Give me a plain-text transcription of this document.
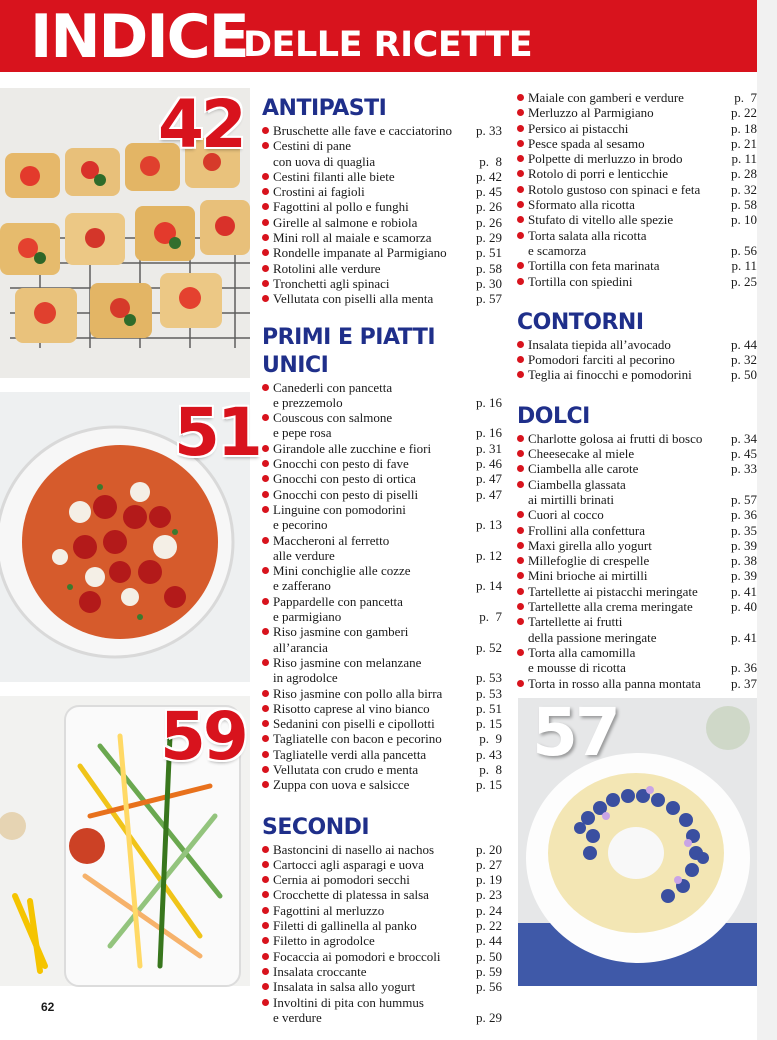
INDICE
DELLE RICETTE
42
51
59	57
ANTIPASTI
Bruschette alle fave e cacciatorino p. 33
Cestini di pane
con uova di quaglia	p.  8
Cestini filanti alle biete	p. 42
Crostini ai fagioli	p. 45
Fagottini al pollo e funghi	p. 26
Girelle al salmone e robiola	p. 26
Mini roll al maiale e scamorza	p. 29
Rondelle impanate al Parmigiano p. 51
Rotolini alle verdure	p. 58
Tronchetti agli spinaci	p. 30
Vellutata con piselli alla menta	p. 57
PRIMI E PIATTI UNICI
Canederli con pancetta
e prezzemolo	p. 16
Couscous con salmone
e pepe rosa	p. 16
Girandole alle zucchine e fiori	p. 31
Gnocchi con pesto di fave	p. 46
Gnocchi con pesto di ortica	p. 47
Gnocchi con pesto di piselli	p. 47
Linguine con pomodorini
e pecorino	p. 13
Maccheroni al ferretto
alle verdure	p. 12
Mini conchiglie alle cozze
e zafferano	p. 14
Pappardelle con pancetta
e parmigiano	p.  7
Riso jasmine con gamberi
all’arancia	p. 52
Riso jasmine con melanzane
in agrodolce	p. 53
Riso jasmine con pollo alla birra	p. 53
Risotto caprese al vino bianco	p. 51
Sedanini con piselli e cipollotti	p. 15
Tagliatelle con bacon e pecorino	p.  9
Tagliatelle verdi alla pancetta	p. 43
Vellutata con crudo e menta	p.  8
Zuppa con uova e salsicce	p. 15
SECONDI
Bastoncini di nasello ai nachos	p. 20
Cartocci agli asparagi e uova	p. 27
Cernia ai pomodori secchi	p. 19
Crocchette di platessa in salsa	p. 23
Fagottini al merluzzo	p. 24
Filetti di gallinella al panko	p. 22
Filetto in agrodolce	p. 44
Focaccia ai pomodori e broccoli	p. 50
Insalata croccante	p. 59
Insalata in salsa allo yogurt	p. 56
Involtini di pita con hummus
e verdure	p. 29
Maiale con gamberi e verdure	p.  7
Merluzzo al Parmigiano	p. 22
Persico ai pistacchi	p. 18
Pesce spada al sesamo	p. 21
Polpette di merluzzo in brodo	p. 11
Rotolo di porri e lenticchie	p. 28
Rotolo gustoso con spinaci e feta p. 32
Sformato alla ricotta	p. 58
Stufato di vitello alle spezie	p. 10
Torta salata alla ricotta
e scamorza	p. 56
Tortilla con feta marinata	p. 11
Tortilla con spiedini	p. 25
CONTORNI
Insalata tiepida all’avocado	p. 44
Pomodori farciti al pecorino	p. 32
Teglia ai finocchi e pomodorini	p. 50
DOLCI
Charlotte golosa ai frutti di bosco p. 34
Cheesecake al miele	p. 45
Ciambella alle carote	p. 33
Ciambella glassata
ai mirtilli brinati	p. 57
Cuori al cocco	p. 36
Frollini alla confettura	p. 35
Maxi girella allo yogurt	p. 39
Millefoglie di crespelle	p. 38
Mini brioche ai mirtilli	p. 39
Tartellette ai pistacchi meringate	p. 41
Tartellette alla crema meringate	p. 40
Tartellette ai frutti
della passione meringate	p. 41
Torta alla camomilla
e mousse di ricotta	p. 36
Torta in rosso alla panna montata p. 37
62
